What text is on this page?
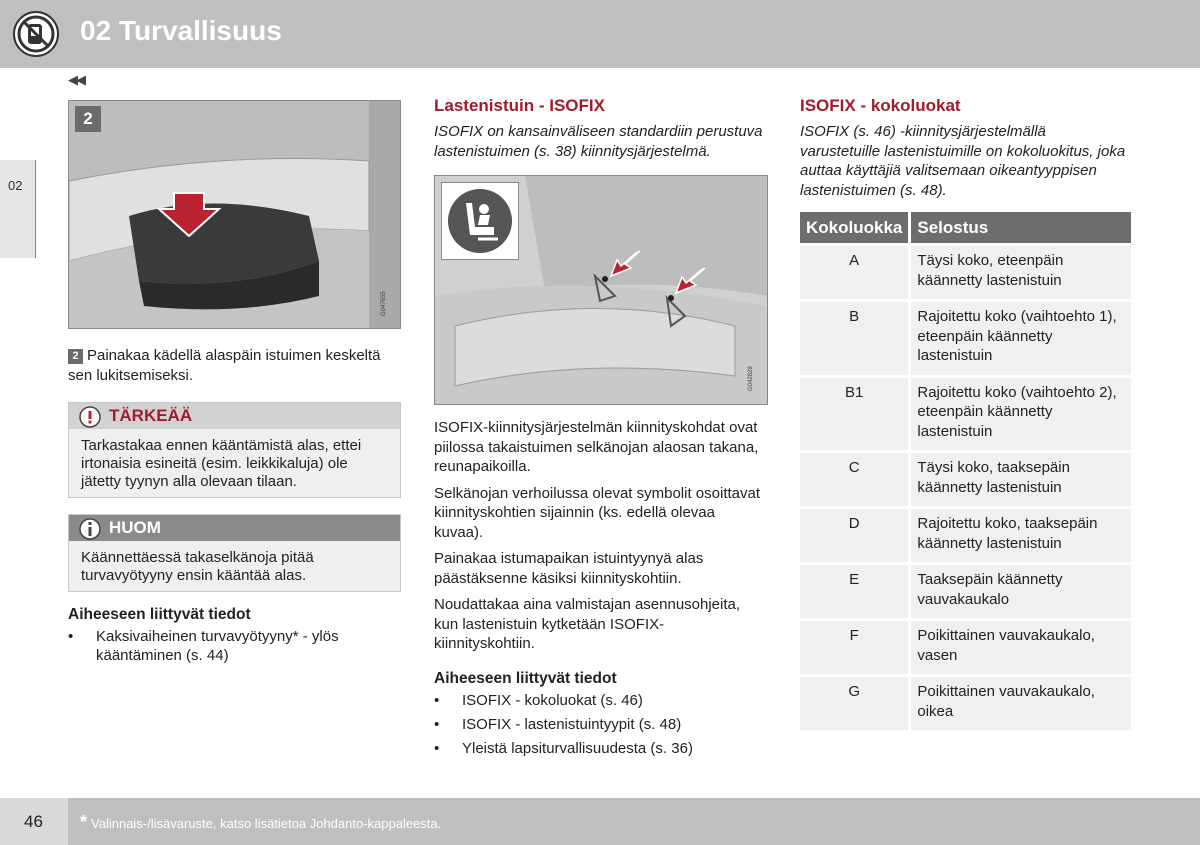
02 Turvallisuus
◀◀
02
2
G047655
2 Painakaa kädellä alaspäin istuimen keskeltä sen lukitsemiseksi.
TÄRKEÄÄ
Tarkastakaa ennen kääntämistä alas, ettei irtonaisia esineitä (esim. leikkikaluja) ole jätetty tyynyn alla olevaan tilaan.
HUOM
Käännettäessä takaselkänoja pitää turvavyötyyny ensin kääntää alas.
Aiheeseen liittyvät tiedot
• Kaksivaiheinen turvavyötyyny* - ylös kääntäminen (s. 44)
Lastenistuin - ISOFIX
ISOFIX on kansainväliseen standardiin perustuva lastenistuimen (s. 38) kiinnitysjärjestelmä.
G042828

ISOFIX-kiinnitysjärjestelmän kiinnityskohdat ovat piilossa takaistuimen selkänojan alaosan takana, reunapaikoilla.

Selkänojan verhoilussa olevat symbolit osoittavat kiinnityskohtien sijainnin (ks. edellä olevaa kuvaa).

Painakaa istumapaikan istuintyynyä alas päästäksenne käsiksi kiinnityskohtiin.

Noudattakaa aina valmistajan asennusohjeita, kun lastenistuin kytketään ISOFIX-kiinnityskohtiin.

Aiheeseen liittyvät tiedot
• ISOFIX - kokoluokat (s. 46)
• ISOFIX - lastenistuintyypit (s. 48)
• Yleistä lapsiturvallisuudesta (s. 36)
ISOFIX - kokoluokat
ISOFIX (s. 46) -kiinnitysjärjestelmällä varustetuille lastenistuimille on kokoluokitus, joka auttaa käyttäjiä valitsemaan oikeantyyppisen lastenistuimen (s. 48).
Kokoluokka	Selostus
A	Täysi koko, eteenpäin käännetty lastenistuin
B	Rajoitettu koko (vaihtoehto 1), eteenpäin käännetty lastenistuin
B1	Rajoitettu koko (vaihtoehto 2), eteenpäin käännetty lastenistuin
C	Täysi koko, taaksepäin käännetty lastenistuin
D	Rajoitettu koko, taaksepäin käännetty lastenistuin
E	Taaksepäin käännetty vauvakaukalo
F	Poikittainen vauvakaukalo, vasen
G	Poikittainen vauvakaukalo, oikea
46 * Valinnais-/lisävaruste, katso lisätietoa Johdanto-kappaleesta.
